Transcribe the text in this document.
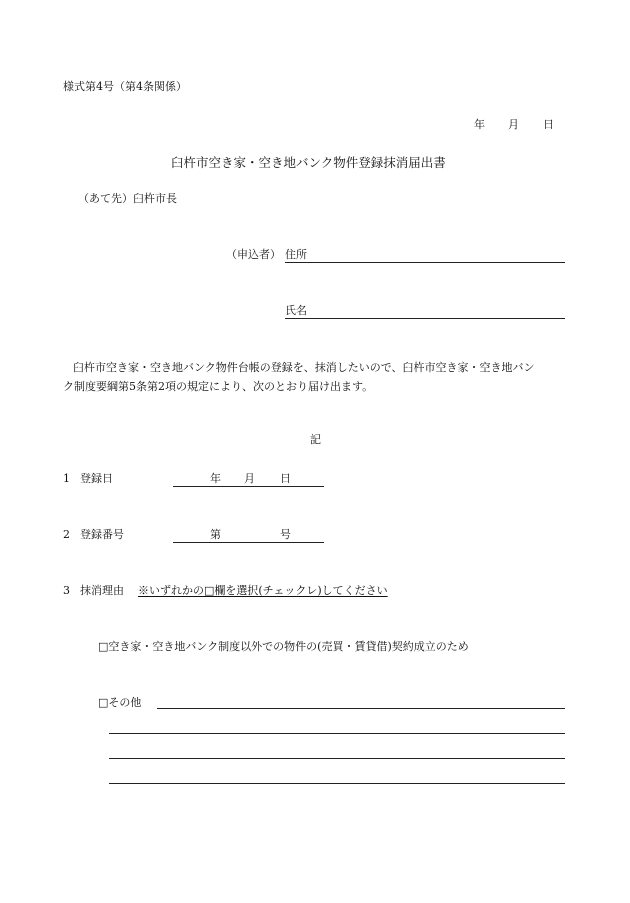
様式第4号（第4条関係）
年 月 日
臼杵市空き家・空き地バンク物件登録抹消届出書
（あて先）臼杵市長
（申込者） 住所
氏名
臼杵市空き家・空き地バンク物件台帳の登録を、抹消したいので、臼杵市空き家・空き地バン
ク制度要綱第5条第2項の規定により、次のとおり届け出ます。
記
1 登録日	年 月 日
2 登録番号	第	号
3 抹消理由 ※いずれかの□欄を選択(チェックレ)してください
□空き家・空き地バンク制度以外での物件の(売買・賃貸借)契約成立のため
□その他
